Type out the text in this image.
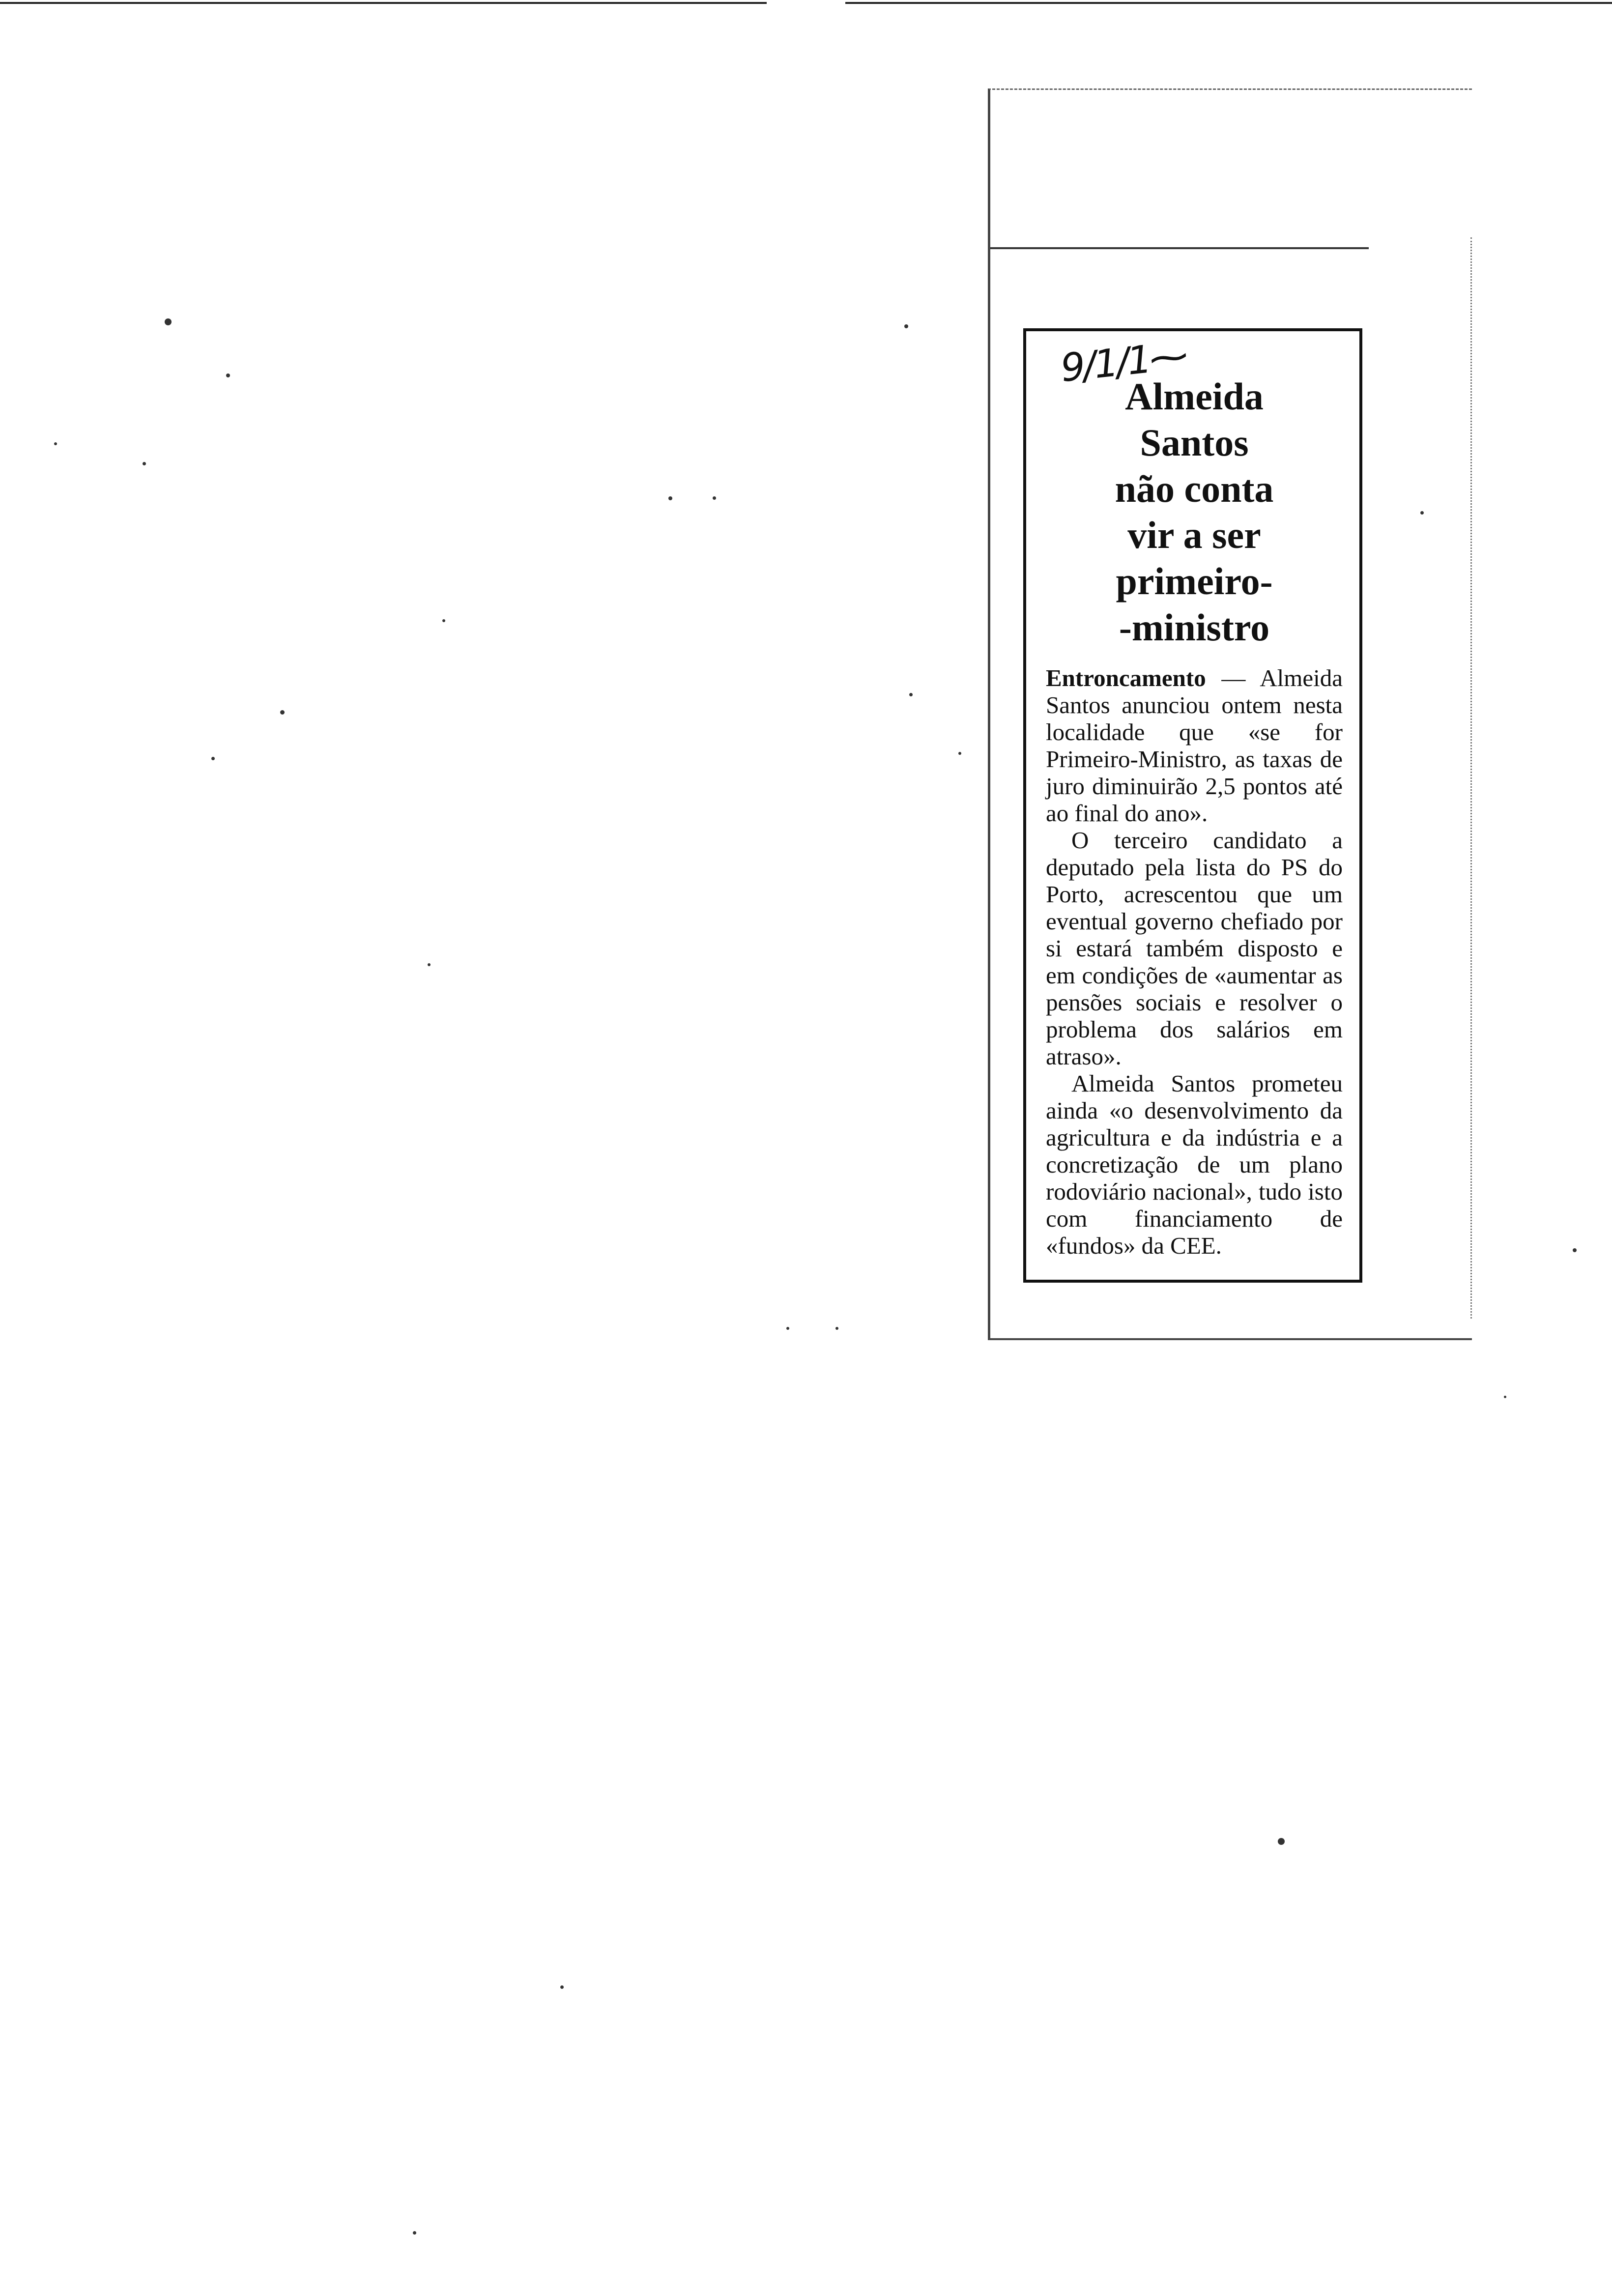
9/1/1⁓
Almeida
Santos
não conta
vir a ser
primeiro-
-ministro

Entroncamento — Almeida Santos anunciou ontem nesta localidade que «se for Primeiro-Ministro, as taxas de juro diminuirão 2,5 pontos até ao final do ano».

O terceiro candidato a deputado pela lista do PS do Porto, acrescentou que um eventual governo chefiado por si estará também disposto e em condições de «aumentar as pensões sociais e resolver o problema dos salários em atraso».

Almeida Santos prometeu ainda «o desenvolvimento da agricultura e da indústria e a concretização de um plano rodoviário nacional», tudo isto com financiamento de «fundos» da CEE.
